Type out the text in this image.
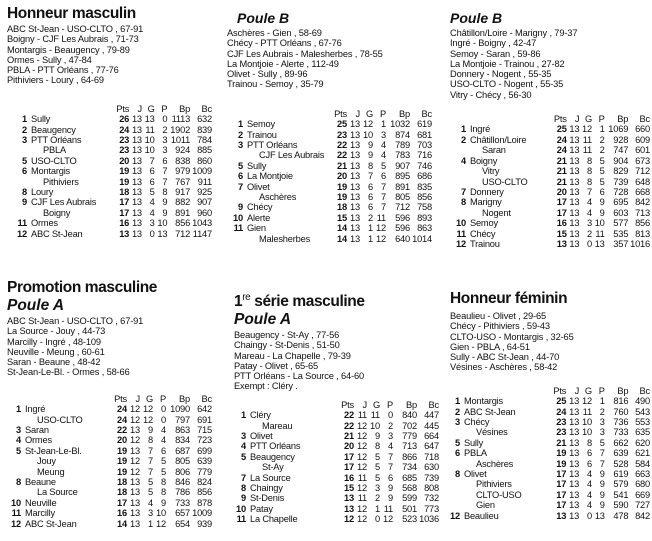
Honneur masculin
ABC St-Jean - USO-CLTO , 67-91
Boigny - CJF Les Aubrais , 71-73
Montargis - Beaugency , 79-89
Ormes - Sully , 47-84
PBLA - PTT Orléans , 77-76
Pithiviers - Loury , 64-69
		Pts	J	G	P	Bp	Bc
1	Sully	26	13	13	0	1113	632
2	Beaugency	24	13	11	2	1902	839
3	PTT Orléans	23	13	10	3	1011	784
	PBLA	23	13	10	3	924	885
5	USO-CLTO	20	13	7	6	838	860
6	Montargis	19	13	6	7	979	1009
	Pithiviers	19	13	6	7	767	911
8	Loury	18	13	5	8	917	925
9	CJF Les Aubrais	17	13	4	9	882	907
	Boigny	17	13	4	9	891	960
11	Ormes	16	13	3	10	856	1043
12	ABC St-Jean	13	13	0	13	712	1147
Poule B
Aschères - Gien , 58-69
Chécy - PTT Orléans , 67-76
CJF Les Aubrais - Malesherbes , 78-55
La Montjoie - Alerte , 112-49
Olivet - Sully , 89-96
Trainou - Semoy , 35-79
		Pts	J	G	P	Bp	Bc
1	Semoy	25	13	12	1	1032	619
2	Trainou	23	13	10	3	874	681
3	PTT Orléans	22	13	9	4	789	703
	CJF Les Aubrais	22	13	9	4	783	716
5	Sully	21	13	8	5	907	746
6	La Montjoie	20	13	7	6	895	686
7	Olivet	19	13	6	7	891	835
	Aschères	19	13	6	7	805	856
9	Chécy	18	13	6	7	712	758
10	Alerte	15	13	2	11	596	893
11	Gien	14	13	1	12	596	863
	Malesherbes	14	13	1	12	640	1014
Poule B
Châtillon/Loire - Marigny , 79-37
Ingré - Boigny , 42-47
Semoy - Saran , 59-86
La Montjoie - Trainou , 27-82
Donnery - Nogent , 55-35
USO-CLTO - Nogent , 55-35
Vitry - Chécy , 56-30
		Pts	J	G	P	Bp	Bc
1	Ingré	25	13	12	1	1069	660
2	Châtillon/Loire	24	13	11	2	928	609
	Saran	24	13	11	2	747	601
4	Boigny	21	13	8	5	904	673
	Vitry	21	13	8	5	829	712
	USO-CLTO	21	13	8	5	739	648
7	Donnery	20	13	7	6	728	668
8	Marigny	17	13	4	9	695	842
	Nogent	17	13	4	9	603	713
10	Semoy	16	13	3	10	577	856
11	Chécy	15	13	2	11	535	813
12	Trainou	13	13	0	13	357	1016
Promotion masculine
Poule A
ABC St-Jean - USO-CLTO , 67-91
La Source - Jouy , 44-73
Marcilly - Ingré , 48-109
Neuville - Meung , 60-61
Saran - Beaune , 48-42
St-Jean-Le-Bl. - Ormes , 58-66
		Pts	J	G	P	Bp	Bc
1	Ingré	24	12	12	0	1090	642
	USO-CLTO	24	12	12	0	797	691
3	Saran	22	13	9	4	863	715
4	Ormes	20	12	8	4	834	723
5	St-Jean-Le-Bl.	19	13	7	6	687	699
	Jouy	19	12	7	5	805	639
	Meung	19	12	7	5	806	779
8	Beaune	18	13	5	8	846	824
	La Source	18	13	5	8	786	856
10	Neuville	17	13	4	9	733	878
11	Marcilly	16	13	3	10	657	1009
12	ABC St-Jean	14	13	1	12	654	939
1re série masculine
Poule A
Beaugency - St-Ay , 77-56
Chaingy - St-Denis , 51-50
Mareau - La Chapelle , 79-39
Patay - Olivet , 65-65
PTT Orléans - La Source , 64-60
Exempt : Cléry .
		Pts	J	G	P	Bp	Bc
1	Cléry	22	11	11	0	840	447
	Mareau	22	12	10	2	702	445
3	Olivet	21	12	9	3	779	664
4	PTT Orléans	20	12	8	4	713	647
5	Beaugency	17	12	5	7	866	718
	St-Ay	17	12	5	7	734	630
7	La Source	16	11	5	6	685	739
8	Chaingy	15	12	3	9	568	808
9	St-Denis	13	11	2	9	599	732
10	Patay	13	12	1	11	501	773
11	La Chapelle	12	12	0	12	523	1036
Honneur féminin
Beaulieu - Olivet , 29-65
Chécy - Pithiviers , 59-43
CLTO-USO - Montargis , 32-65
Gien - PBLA , 64-51
Sully - ABC St-Jean , 44-70
Vésines - Aschères , 58-42
		Pts	J	G	P	Bp	Bc
1	Montargis	25	13	12	1	816	490
2	ABC St-Jean	24	13	11	2	760	543
3	Chécy	23	13	10	3	736	553
	Vésines	23	13	10	3	733	635
5	Sully	21	13	8	5	662	620
6	PBLA	19	13	6	7	639	621
	Aschères	19	13	6	7	528	584
8	Olivet	17	13	4	9	619	663
	Pithiviers	17	13	4	9	579	680
	CLTO-USO	17	13	4	9	541	669
	Gien	17	13	4	9	590	727
12	Beaulieu	13	13	0	13	478	842
